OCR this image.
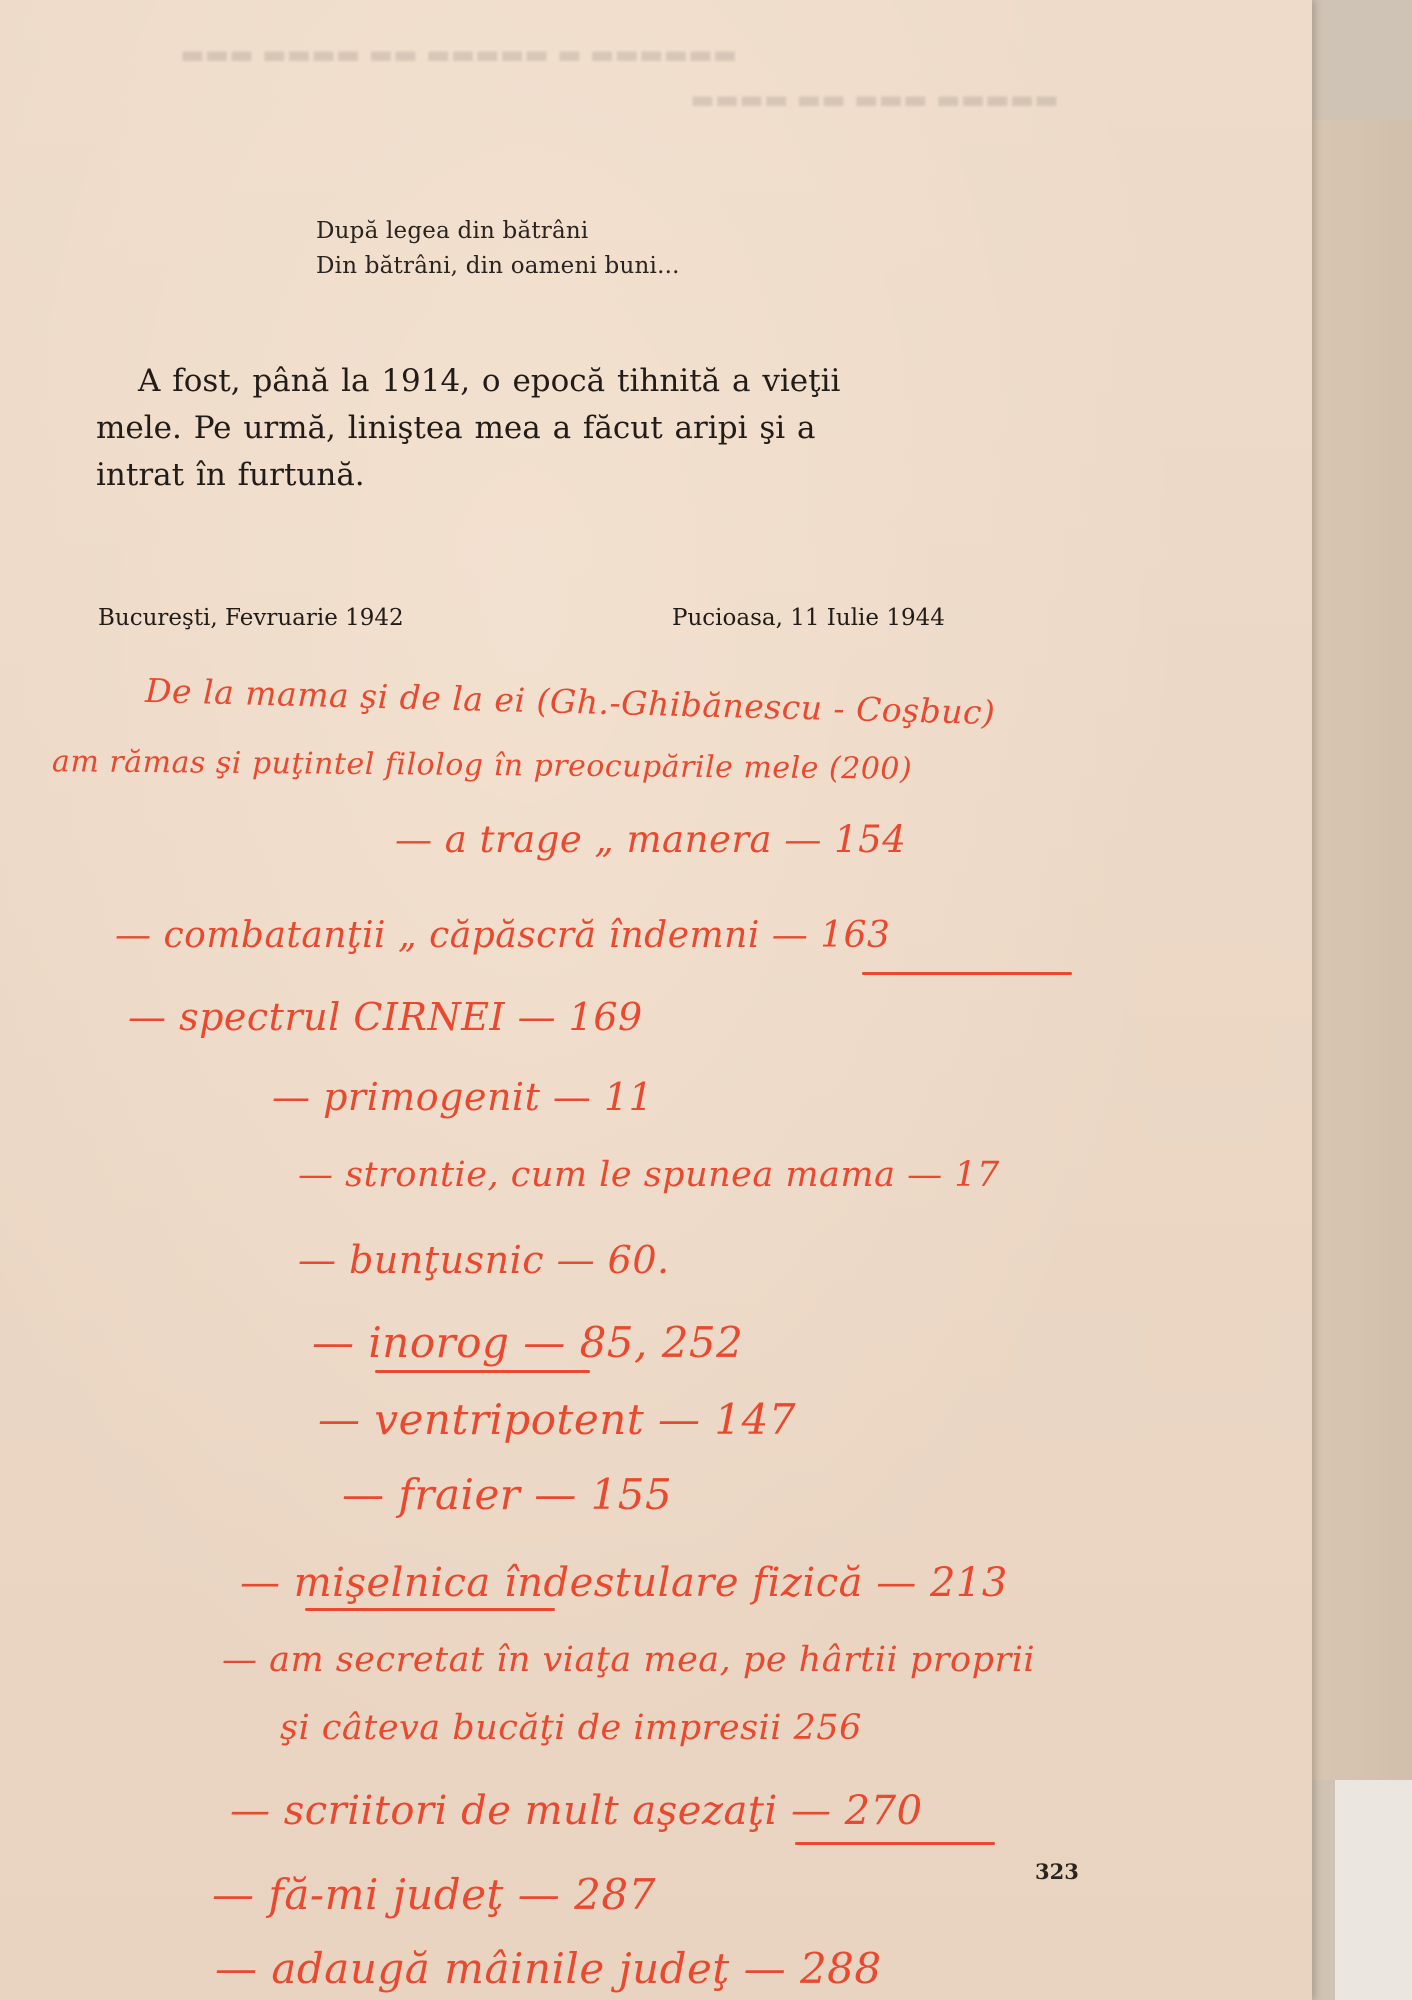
▬▬▬ ▬▬▬▬ ▬▬ ▬▬▬▬▬ ▬ ▬▬▬▬▬▬
▬▬▬▬ ▬▬ ▬▬▬ ▬▬▬▬▬
După legea din bătrâni
Din bătrâni, din oameni buni...
A fost, până la 1914, o epocă tihnită a vieţii
mele. Pe urmă, liniştea mea a făcut aripi şi a
intrat în furtună.
Bucureşti, Fevruarie 1942	Pucioasa, 11 Iulie 1944
De la mama şi de la ei (Gh.-Ghibănescu - Coşbuc)
am rămas şi puţintel filolog în preocupările mele (200)
— a trage „ manera — 154
— combatanţii „ căpăscră îndemni — 163
— spectrul CIRNEI — 169
— primogenit — 11
— strontie, cum le spunea mama — 17
— bunţusnic — 60.
— inorog — 85, 252
— ventripotent — 147
— fraier — 155
— mişelnica îndestulare fizică — 213
— am secretat în viaţa mea, pe hârtii proprii
şi câteva bucăţi de impresii 256
— scriitori de mult aşezaţi — 270
— fă-mi judeţ — 287
— adaugă mâinile judeţ — 288
323
